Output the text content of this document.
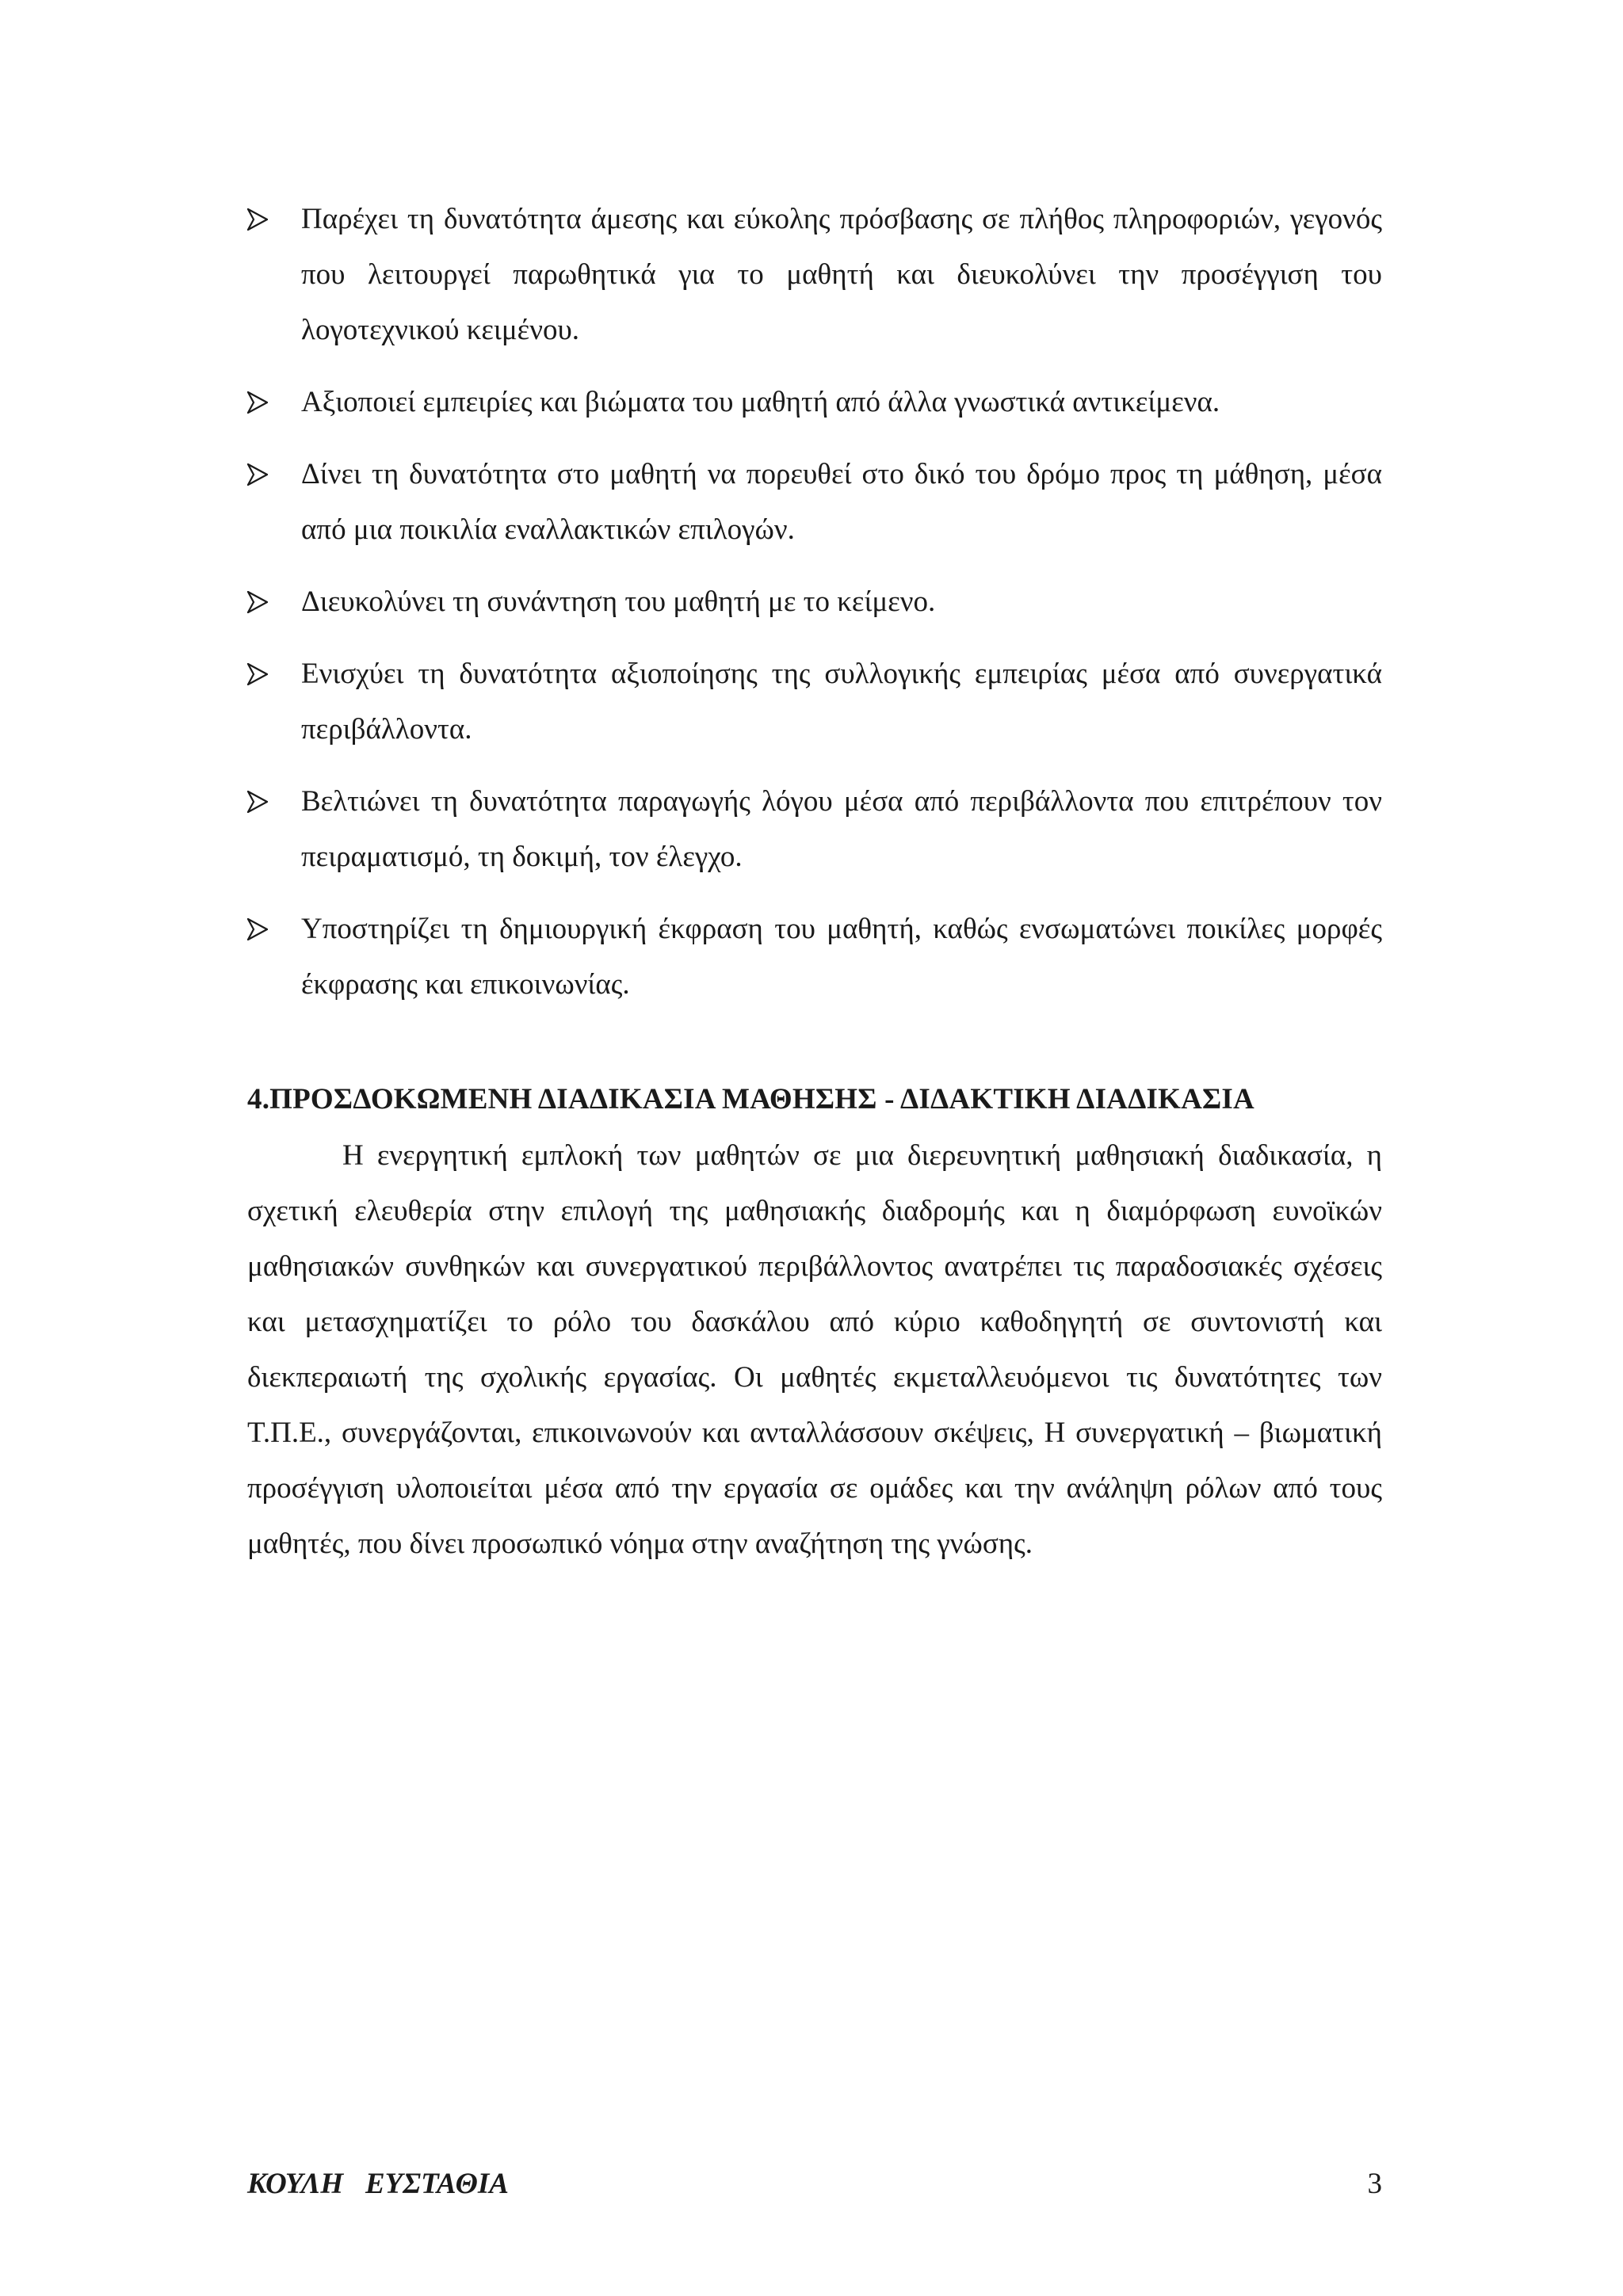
Παρέχει τη δυνατότητα άμεσης και εύκολης πρόσβασης σε πλήθος πληροφοριών, γεγονός που λειτουργεί παρωθητικά για το μαθητή και διευκολύνει την προσέγγιση του λογοτεχνικού κειμένου.
Αξιοποιεί εμπειρίες και βιώματα του μαθητή από άλλα γνωστικά αντικείμενα.
Δίνει τη δυνατότητα στο μαθητή να πορευθεί στο δικό του δρόμο προς τη μάθηση, μέσα από μια ποικιλία εναλλακτικών επιλογών.
Διευκολύνει τη συνάντηση του μαθητή με το κείμενο.
Ενισχύει τη δυνατότητα αξιοποίησης της συλλογικής εμπειρίας μέσα από συνεργατικά περιβάλλοντα.
Βελτιώνει τη δυνατότητα παραγωγής λόγου μέσα από περιβάλλοντα που επιτρέπουν τον πειραματισμό, τη δοκιμή, τον έλεγχο.
Υποστηρίζει τη δημιουργική έκφραση του μαθητή, καθώς ενσωματώνει ποικίλες μορφές έκφρασης και επικοινωνίας.
4.ΠΡΟΣΔΟΚΩΜΕΝΗ ΔΙΑΔΙΚΑΣΙΑ ΜΑΘΗΣΗΣ - ΔΙΔΑΚΤΙΚΗ ΔΙΑΔΙΚΑΣΙΑ

Η ενεργητική εμπλοκή των μαθητών σε μια διερευνητική μαθησιακή διαδικασία, η σχετική ελευθερία στην επιλογή της μαθησιακής διαδρομής και η διαμόρφωση ευνοϊκών μαθησιακών συνθηκών και συνεργατικού περιβάλλοντος ανατρέπει τις παραδοσιακές σχέσεις και μετασχηματίζει το ρόλο του δασκάλου από κύριο καθοδηγητή σε συντονιστή και διεκπεραιωτή της σχολικής εργασίας. Οι μαθητές εκμεταλλευόμενοι τις δυνατότητες των Τ.Π.Ε., συνεργάζονται, επικοινωνούν και ανταλλάσσουν σκέψεις, Η συνεργατική – βιωματική προσέγγιση υλοποιείται μέσα από την εργασία σε ομάδες και την ανάληψη ρόλων από τους μαθητές, που δίνει προσωπικό νόημα στην αναζήτηση της γνώσης.

ΚΟΥΛΗ   ΕΥΣΤΑΘΙΑ	3
